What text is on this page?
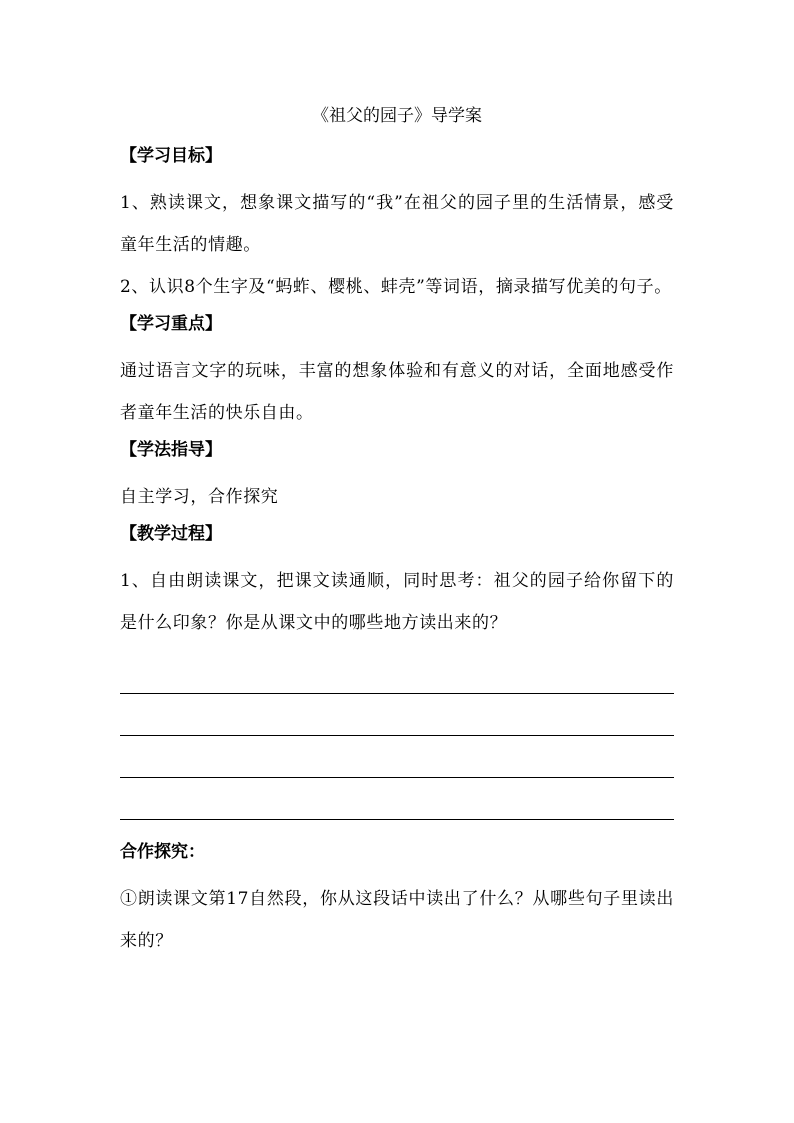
《祖父的园子》导学案
【学习目标】

1、熟读课文，想象课文描写的“我”在祖父的园子里的生活情景，感受童年生活的情趣。

2、认识8个生字及“蚂蚱、樱桃、蚌壳”等词语，摘录描写优美的句子。

【学习重点】

通过语言文字的玩味，丰富的想象体验和有意义的对话，全面地感受作者童年生活的快乐自由。

【学法指导】

自主学习，合作探究

【教学过程】

1、自由朗读课文，把课文读通顺，同时思考：祖父的园子给你留下的是什么印象？你是从课文中的哪些地方读出来的？

合作探究：

①朗读课文第17自然段，你从这段话中读出了什么？从哪些句子里读出来的？
